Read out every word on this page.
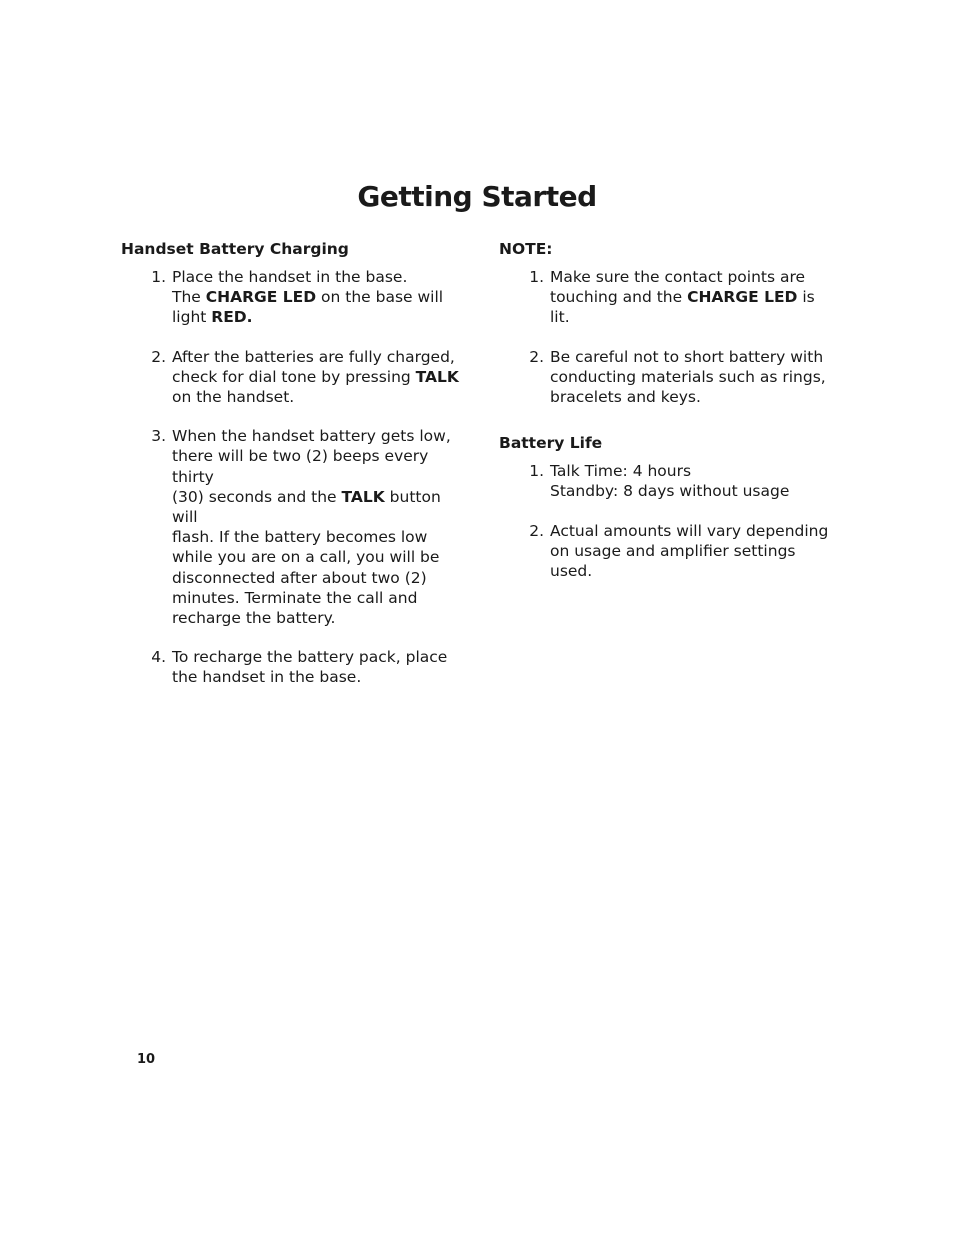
Getting Started
Handset Battery Charging
1. Place the handset in the base.
The CHARGE LED on the base will
light RED.
2. After the batteries are fully charged,
check for dial tone by pressing TALK
on the handset.
3. When the handset battery gets low,
there will be two (2) beeps every thirty
(30) seconds and the TALK button will
flash. If the battery becomes low
while you are on a call, you will be
disconnected after about two (2)
minutes. Terminate the call and
recharge the battery.
4. To recharge the battery pack, place
the handset in the base.
NOTE:
1. Make sure the contact points are
touching and the CHARGE LED is lit.
2. Be careful not to short battery with
conducting materials such as rings,
bracelets and keys.
Battery Life
1. Talk Time: 4 hours
Standby: 8 days without usage
2. Actual amounts will vary depending
on usage and amplifier settings used.
10
